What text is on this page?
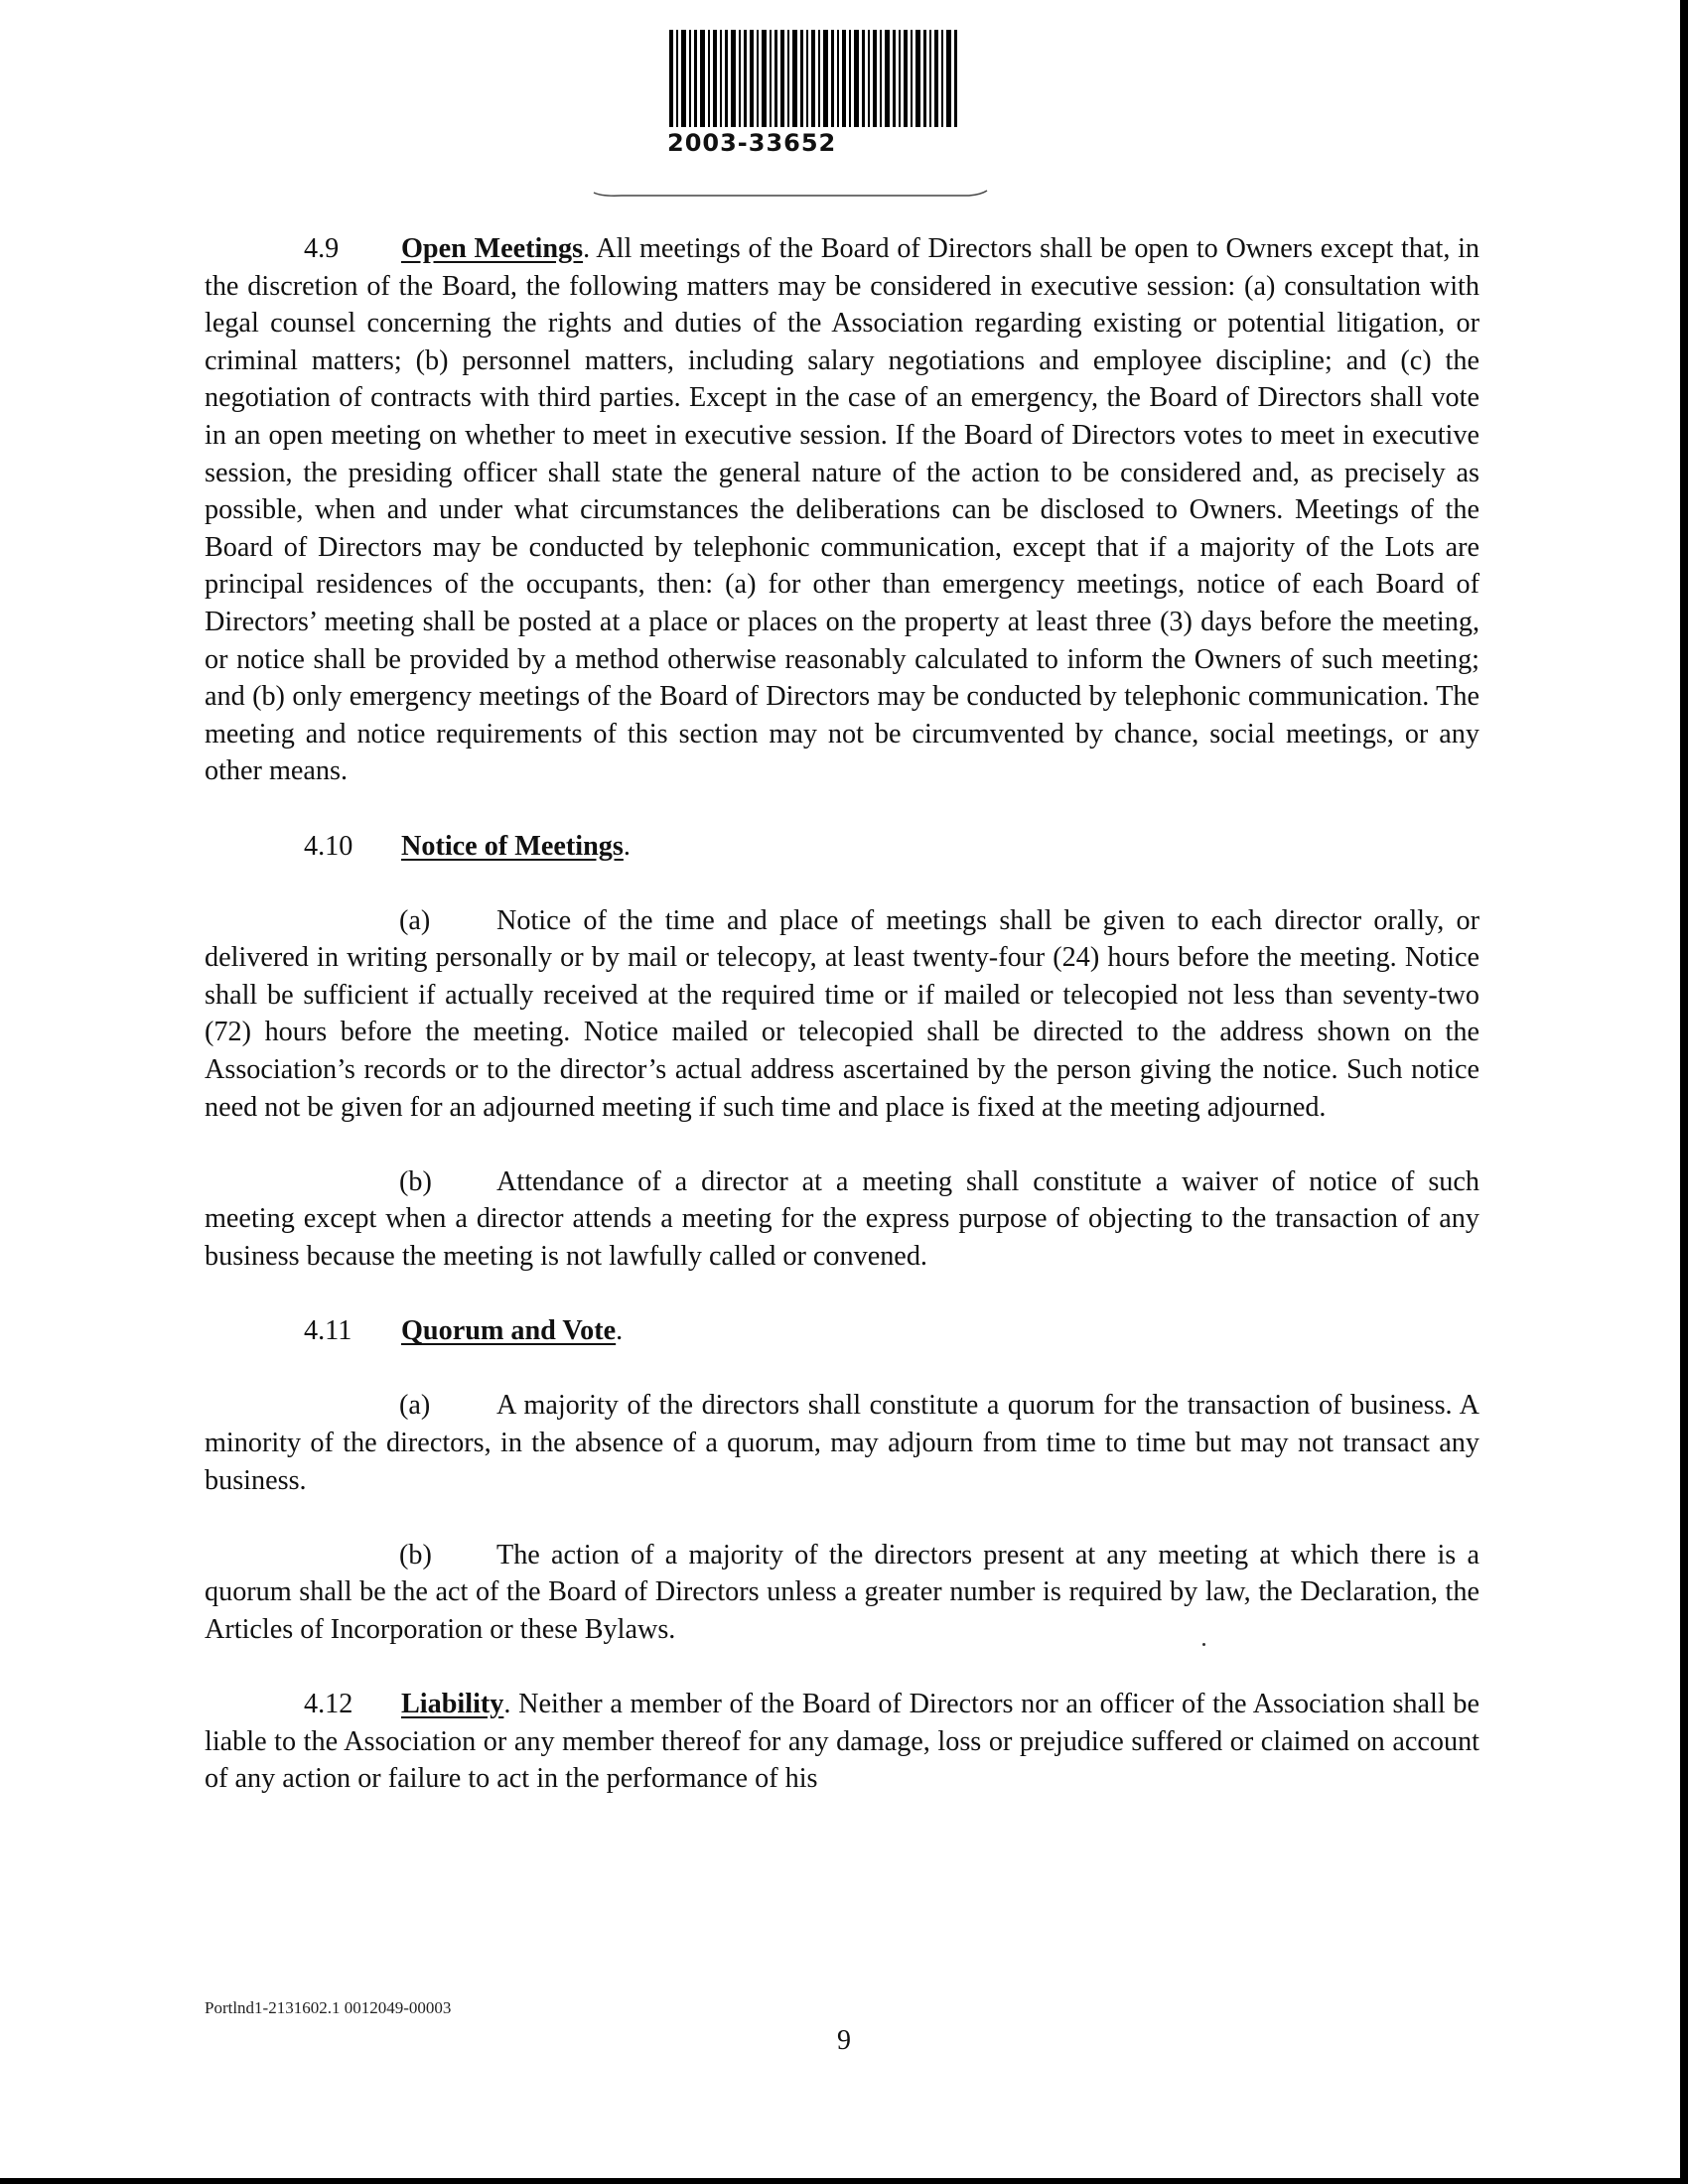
2003-33652

4.9 Open Meetings. All meetings of the Board of Directors shall be open to Owners except that, in the discretion of the Board, the following matters may be considered in executive session: (a) consultation with legal counsel concerning the rights and duties of the Association regarding existing or potential litigation, or criminal matters; (b) personnel matters, including salary negotiations and employee discipline; and (c) the negotiation of contracts with third parties. Except in the case of an emergency, the Board of Directors shall vote in an open meeting on whether to meet in executive session. If the Board of Directors votes to meet in executive session, the presiding officer shall state the general nature of the action to be considered and, as precisely as possible, when and under what circumstances the deliberations can be disclosed to Owners. Meetings of the Board of Directors may be conducted by telephonic communication, except that if a majority of the Lots are principal residences of the occupants, then: (a) for other than emergency meetings, notice of each Board of Directors’ meeting shall be posted at a place or places on the property at least three (3) days before the meeting, or notice shall be provided by a method otherwise reasonably calculated to inform the Owners of such meeting; and (b) only emergency meetings of the Board of Directors may be conducted by telephonic communication. The meeting and notice requirements of this section may not be circumvented by chance, social meetings, or any other means.

4.10 Notice of Meetings.

(a) Notice of the time and place of meetings shall be given to each director orally, or delivered in writing personally or by mail or telecopy, at least twenty-four (24) hours before the meeting. Notice shall be sufficient if actually received at the required time or if mailed or telecopied not less than seventy-two (72) hours before the meeting. Notice mailed or telecopied shall be directed to the address shown on the Association’s records or to the director’s actual address ascertained by the person giving the notice. Such notice need not be given for an adjourned meeting if such time and place is fixed at the meeting adjourned.

(b) Attendance of a director at a meeting shall constitute a waiver of notice of such meeting except when a director attends a meeting for the express purpose of objecting to the transaction of any business because the meeting is not lawfully called or convened.

4.11 Quorum and Vote.

(a) A majority of the directors shall constitute a quorum for the transaction of business. A minority of the directors, in the absence of a quorum, may adjourn from time to time but may not transact any business.

(b) The action of a majority of the directors present at any meeting at which there is a quorum shall be the act of the Board of Directors unless a greater number is required by law, the Declaration, the Articles of Incorporation or these Bylaws.

4.12 Liability. Neither a member of the Board of Directors nor an officer of the Association shall be liable to the Association or any member thereof for any damage, loss or prejudice suffered or claimed on account of any action or failure to act in the performance of his

Portlnd1-2131602.1 0012049-00003
9
